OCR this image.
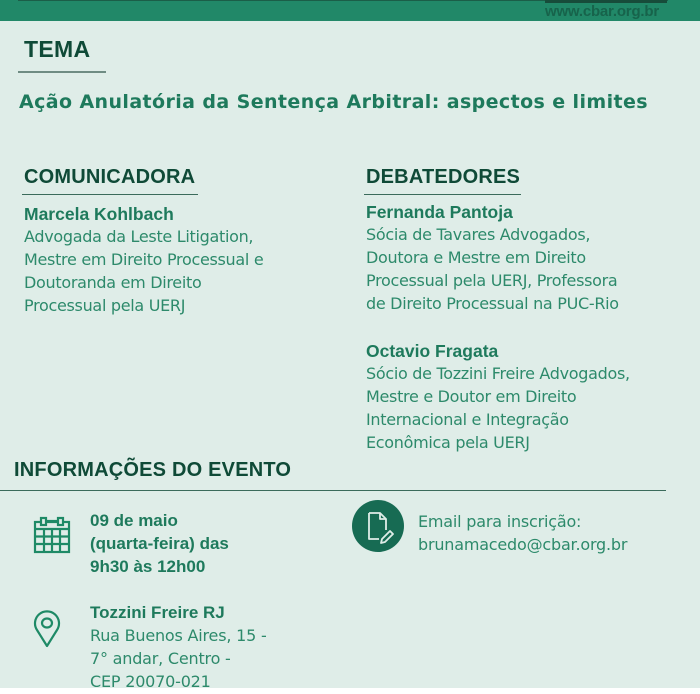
www.cbar.org.br
TEMA
Ação Anulatória da Sentença Arbitral: aspectos e limites
COMUNICADORA
Marcela Kohlbach
Advogada da Leste Litigation,
Mestre em Direito Processual e
Doutoranda em Direito
Processual pela UERJ
DEBATEDORES
Fernanda Pantoja
Sócia de Tavares Advogados,
Doutora e Mestre em Direito
Processual pela UERJ, Professora
de Direito Processual na PUC-Rio
Octavio Fragata
Sócio de Tozzini Freire Advogados,
Mestre e Doutor em Direito
Internacional e Integração
Econômica pela UERJ
INFORMAÇÕES DO EVENTO
09 de maio
(quarta-feira) das
9h30 às 12h00
Email para inscrição:
brunamacedo@cbar.org.br
Tozzini Freire RJ
Rua Buenos Aires, 15 -
7° andar, Centro -
CEP 20070-021
